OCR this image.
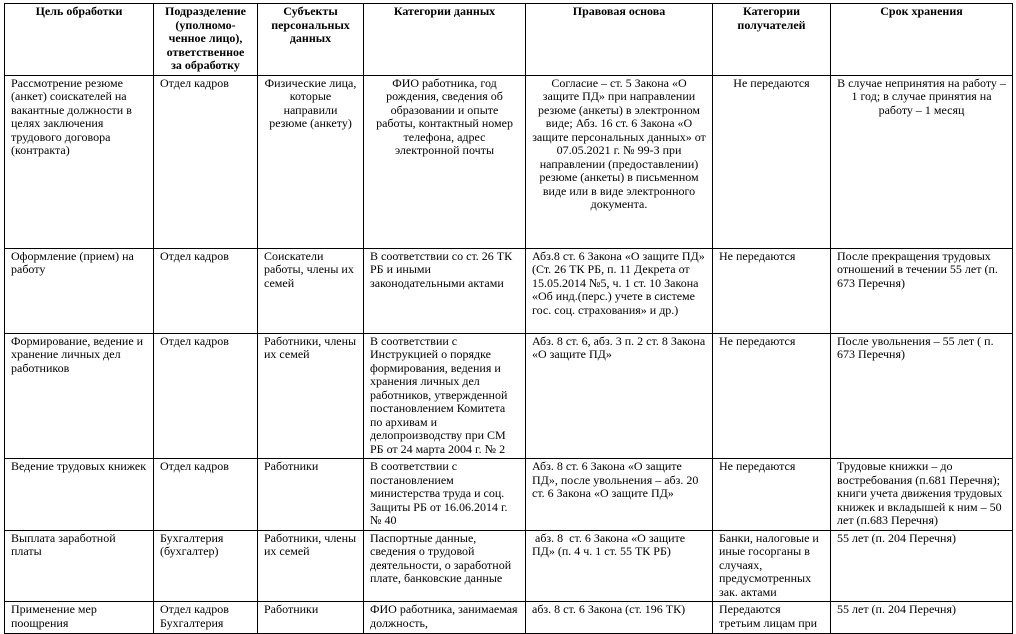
Цель обработки	Подразделение (уполномо-ченное лицо), ответственное за обработку	Субъекты персональных данных	Категории данных	Правовая основа	Категории получателей	Срок хранения
Рассмотрение резюме (анкет) соискателей на вакантные должности в целях заключения трудового договора (контракта)	Отдел кадров	Физические лица, которые направили резюме (анкету)	ФИО работника, год рождения, сведения об образовании и опыте работы, контактный номер телефона, адрес электронной почты	Согласие – ст. 5 Закона «О защите ПД» при направлении резюме (анкеты) в электронном виде; Абз. 16 ст. 6 Закона «О защите персональных данных» от 07.05.2021 г. № 99-З при направлении (предоставлении) резюме (анкеты) в письменном виде или в виде электронного документа.	Не передаются	В случае непринятия на работу – 1 год; в случае принятия на работу – 1 месяц
Оформление (прием) на работу	Отдел кадров	Соискатели работы, члены их семей	В соответствии со ст. 26 ТК РБ и иными законодательными актами	Абз.8 ст. 6 Закона «О защите ПД» (Ст. 26 ТК РБ, п. 11 Декрета от 15.05.2014 №5, ч. 1 ст. 10 Закона «Об инд.(перс.) учете в системе гос. соц. страхования» и др.)	Не передаются	После прекращения трудовых отношений в течении 55 лет (п. 673 Перечня)
Формирование, ведение и хранение личных дел работников	Отдел кадров	Работники, члены их семей	В соответствии с Инструкцией о порядке формирования, ведения и хранения личных дел работников, утвержденной постановлением Комитета по архивам и делопроизводству при СМ РБ от 24 марта 2004 г. № 2	Абз. 8 ст. 6, абз. 3 п. 2 ст. 8 Закона «О защите ПД»	Не передаются	После увольнения – 55 лет ( п. 673 Перечня)
Ведение трудовых книжек	Отдел кадров	Работники	В соответствии с постановлением министерства труда и соц. Защиты РБ от 16.06.2014 г. № 40	Абз. 8 ст. 6 Закона «О защите ПД», после увольнения – абз. 20 ст. 6 Закона «О защите ПД»	Не передаются	Трудовые книжки – до востребования (п.681 Перечня); книги учета движения трудовых книжек и вкладышей к ним – 50 лет (п.683 Перечня)
Выплата заработной платы	Бухгалтерия (бухгалтер)	Работники, члены их семей	Паспортные данные, сведения о трудовой деятельности, о заработной плате, банковские данные	абз. 8  ст. 6 Закона «О защите ПД» (п. 4 ч. 1 ст. 55 ТК РБ)	Банки, налоговые и иные госорганы в случаях, предусмотренных зак. актами	55 лет (п. 204 Перечня)
Применение мер поощрения	Отдел кадров Бухгалтерия	Работники	ФИО работника, занимаемая должность,	абз. 8 ст. 6 Закона (ст. 196 ТК)	Передаются третьим лицам при	55 лет (п. 204 Перечня)
